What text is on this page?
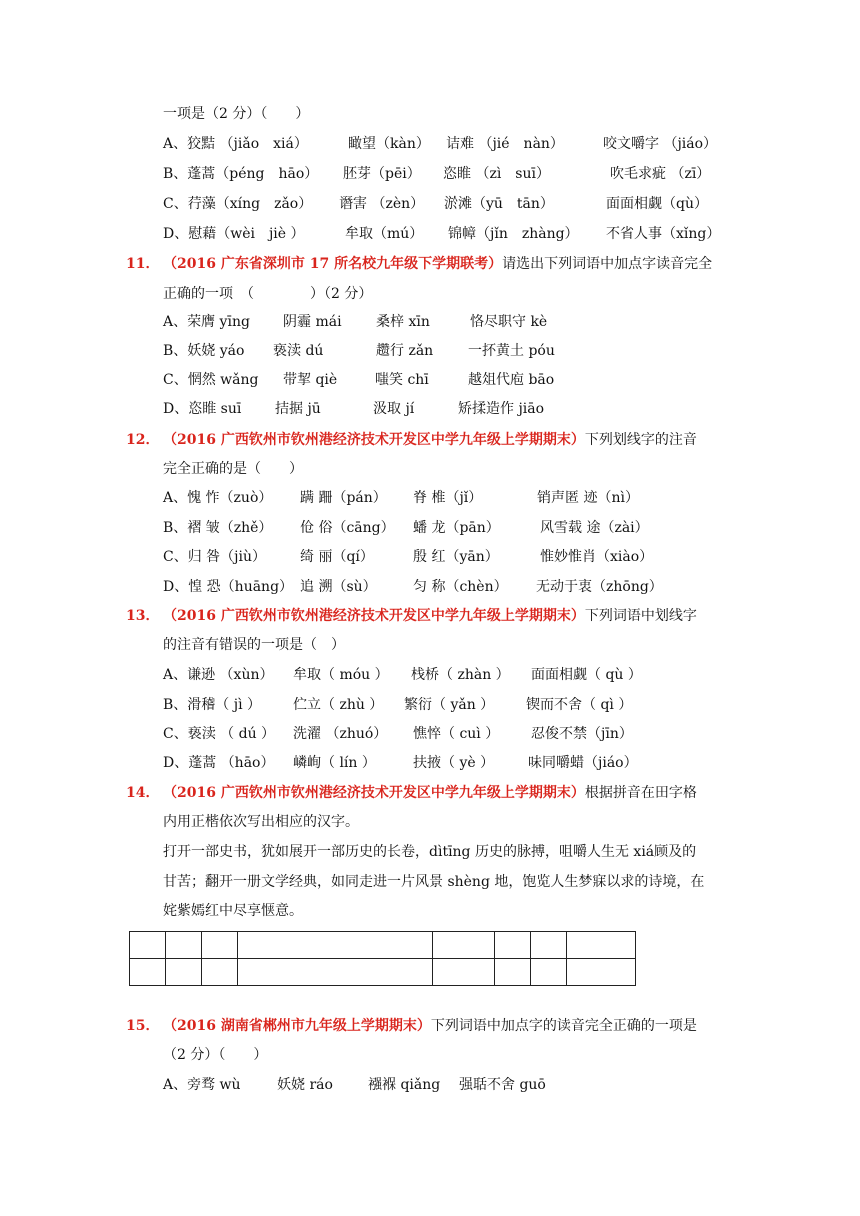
一项是（2 分）（　　）
A、狡黠 （jiǎo　xiá）	瞰望（kàn） 诘难 （jié　nàn）	咬文嚼字 （jiáo）
B、蓬蒿（péng　hāo） 胚芽（pēi） 恣睢 （zì　suī）	吹毛求疵 （zī）
C、荇藻（xíng　zǎo） 谮害 （zèn） 淤滩（yū　tān）	面面相觑（qù）
D、慰藉（wèi　jiè ）	牟取（mú） 锦幛（jǐn　zhàng） 不省人事（xǐng）
11． （2016 广东省深圳市 17 所名校九年级下学期联考）请选出下列词语中加点字读音完全
正确的一项　（　　　　）（2 分）
A、荣膺 yīng 阴霾 mái 桑梓 xīn	恪尽职守 kè
B、妖娆 yáo 亵渎 dú	趱行 zǎn 一抔黄土 póu
C、惘然 wǎng 带挈 qiè	嗤笑 chī	越俎代庖 bāo
D、恣睢 suī 拮据 jū	汲取 jí	矫揉造作 jiāo
12． （2016 广西钦州市钦州港经济技术开发区中学九年级上学期期末）下列划线字的注音
完全正确的是（　　）
A、愧 怍（zuò） 蹒 跚（pán） 脊 椎（jǐ）	销声匿 迹（nì）
B、褶 皱（zhě） 伧 俗（cāng） 蟠 龙（pān）	风雪载 途（zài）
C、归 咎（jiù） 绮 丽（qí）	殷 红（yān）	惟妙惟肖（xiào）
D、惶 恐（huāng） 追 溯（sù）	匀 称（chèn） 无动于衷（zhōng）
13． （2016 广西钦州市钦州港经济技术开发区中学九年级上学期期末）下列词语中划线字
的注音有错误的一项是（　）
A、谦逊 （xùn） 牟取（ móu ） 栈桥（ zhàn ） 面面相觑（ qù ）
B、滑稽（ jì ） 伫立（ zhù ） 繁衍（ yǎn ） 锲而不舍（ qì ）
C、亵渎 （ dú ） 洗濯 （zhuó） 憔悴（ cuì ） 忍俊不禁（jīn）
D、蓬蒿 （hāo） 嶙峋（ lín ）	扶掖（ yè ） 味同嚼蜡（jiáo）
14． （2016 广西钦州市钦州港经济技术开发区中学九年级上学期期末）根据拼音在田字格
内用正楷依次写出相应的汉字。
打开一部史书，犹如展开一部历史的长卷，dìtīng 历史的脉搏，咀嚼人生无 xiá顾及的
甘苦；翻开一册文学经典，如同走进一片风景 shèng 地，饱览人生梦寐以求的诗境，在
姹紫嫣红中尽享惬意。

15． （2016 湖南省郴州市九年级上学期期末）下列词语中加点字的读音完全正确的一项是
（2 分）（　　）
A、旁骛 wù	妖娆 ráo	襁褓 qiǎng 强聒不舍 guō
